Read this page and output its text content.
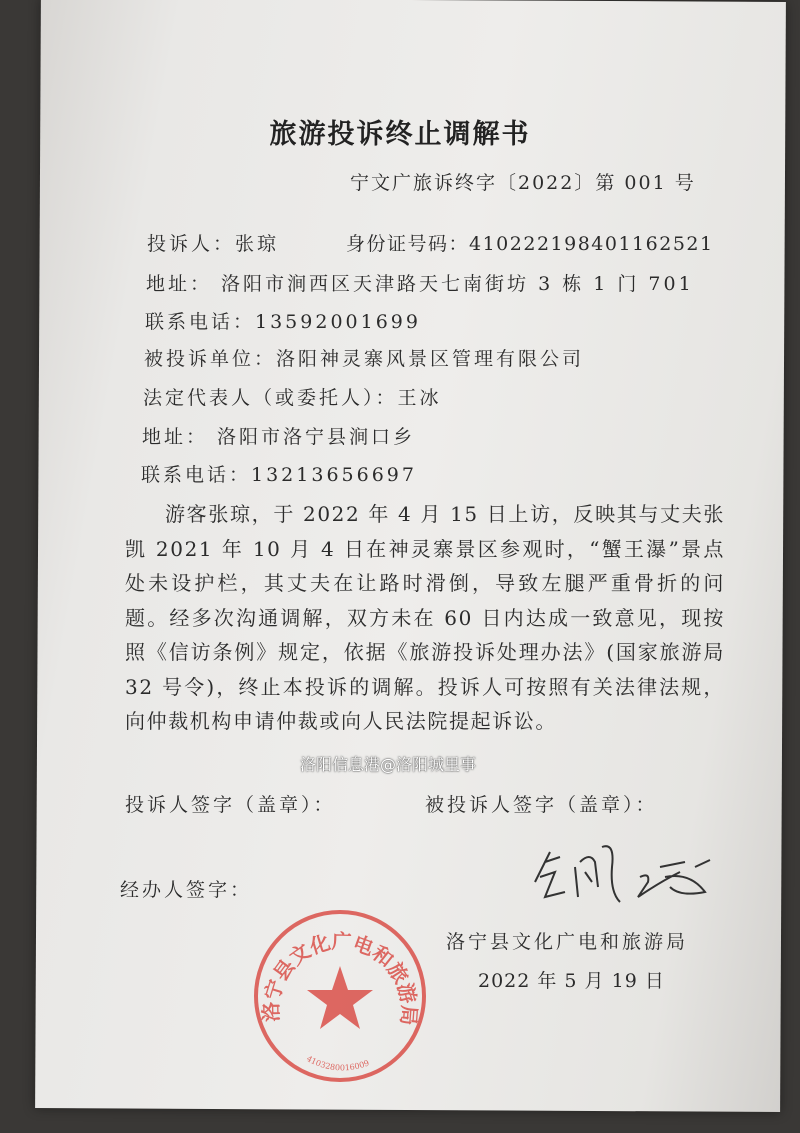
旅游投诉终止调解书
宁文广旅诉终字〔2022〕第 001 号
投诉人：张琼	身份证号码：410222198401162521
地址： 洛阳市涧西区天津路天七南街坊 3 栋 1 门 701
联系电话：13592001699
被投诉单位：洛阳神灵寨风景区管理有限公司
法定代表人（或委托人）：王冰
地址： 洛阳市洛宁县涧口乡
联系电话：13213656697
游客张琼，于 2022 年 4 月 15 日上访，反映其与丈夫张凯 2021 年 10 月 4 日在神灵寨景区参观时，“蟹王瀑”景点处未设护栏，其丈夫在让路时滑倒，导致左腿严重骨折的问题。经多次沟通调解，双方未在 60 日内达成一致意见，现按照《信访条例》规定，依据《旅游投诉处理办法》(国家旅游局 32 号令)，终止本投诉的调解。投诉人可按照有关法律法规，向仲裁机构申请仲裁或向人民法院提起诉讼。
洛阳信息港@洛阳城里事
投诉人签字（盖章）：	被投诉人签字（盖章）：
经办人签字：
洛宁县文化广电和旅游局
2022 年 5 月 19 日
洛宁县文化广电和旅游局
4103280016009
